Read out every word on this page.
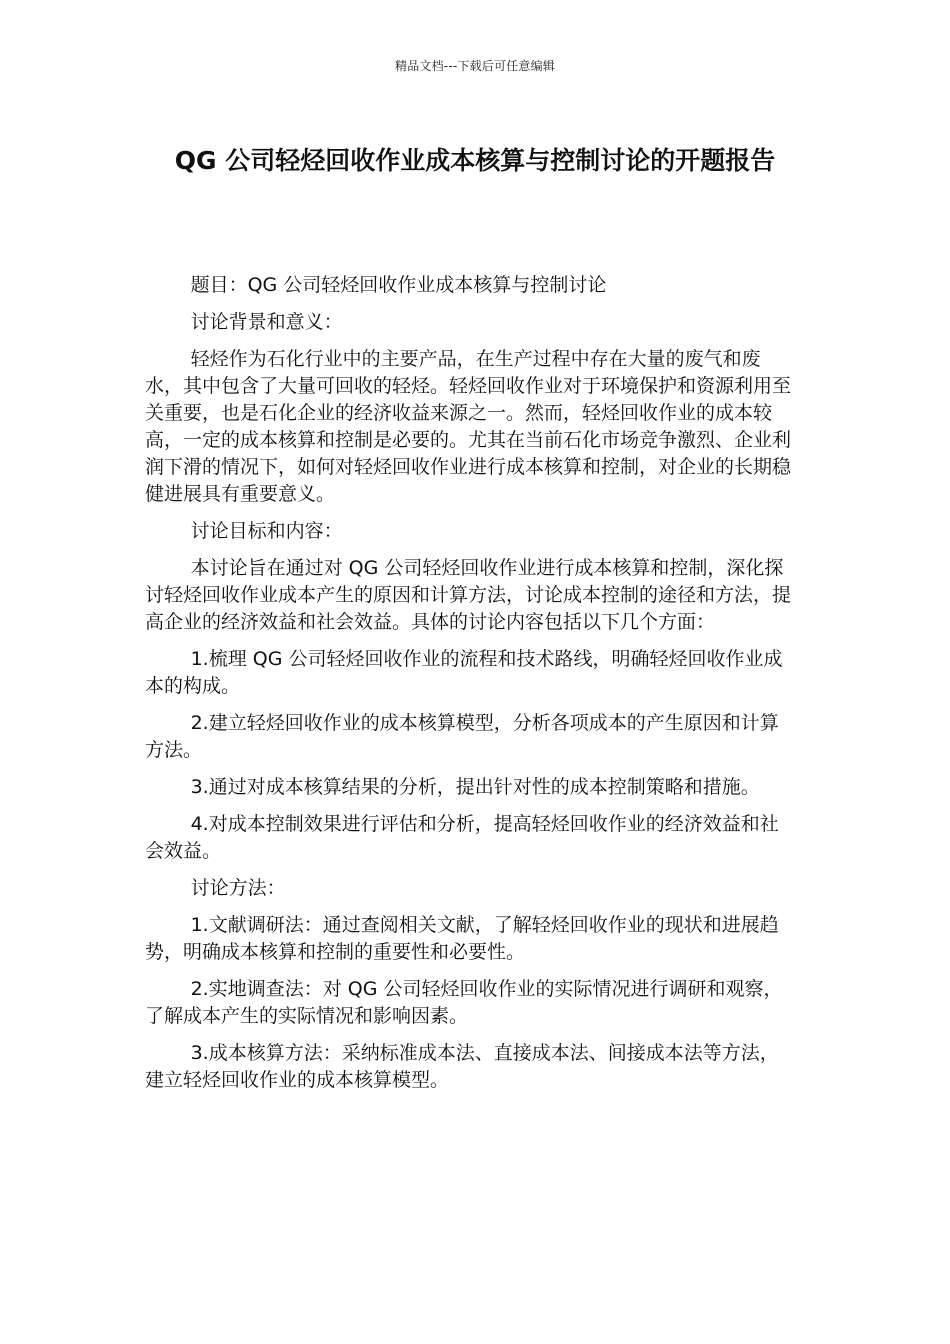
精品文档---下载后可任意编辑
QG 公司轻烃回收作业成本核算与控制讨论的开题报告

题目：QG 公司轻烃回收作业成本核算与控制讨论

讨论背景和意义：

轻烃作为石化行业中的主要产品，在生产过程中存在大量的废气和废水，其中包含了大量可回收的轻烃。轻烃回收作业对于环境保护和资源利用至关重要，也是石化企业的经济收益来源之一。然而，轻烃回收作业的成本较高，一定的成本核算和控制是必要的。尤其在当前石化市场竞争激烈、企业利润下滑的情况下，如何对轻烃回收作业进行成本核算和控制，对企业的长期稳健进展具有重要意义。

讨论目标和内容：

本讨论旨在通过对 QG 公司轻烃回收作业进行成本核算和控制，深化探讨轻烃回收作业成本产生的原因和计算方法，讨论成本控制的途径和方法，提高企业的经济效益和社会效益。具体的讨论内容包括以下几个方面：

1.梳理 QG 公司轻烃回收作业的流程和技术路线，明确轻烃回收作业成本的构成。

2.建立轻烃回收作业的成本核算模型，分析各项成本的产生原因和计算方法。

3.通过对成本核算结果的分析，提出针对性的成本控制策略和措施。

4.对成本控制效果进行评估和分析，提高轻烃回收作业的经济效益和社会效益。

讨论方法：

1.文献调研法：通过查阅相关文献，了解轻烃回收作业的现状和进展趋势，明确成本核算和控制的重要性和必要性。

2.实地调查法：对 QG 公司轻烃回收作业的实际情况进行调研和观察，了解成本产生的实际情况和影响因素。

3.成本核算方法：采纳标准成本法、直接成本法、间接成本法等方法，建立轻烃回收作业的成本核算模型。
